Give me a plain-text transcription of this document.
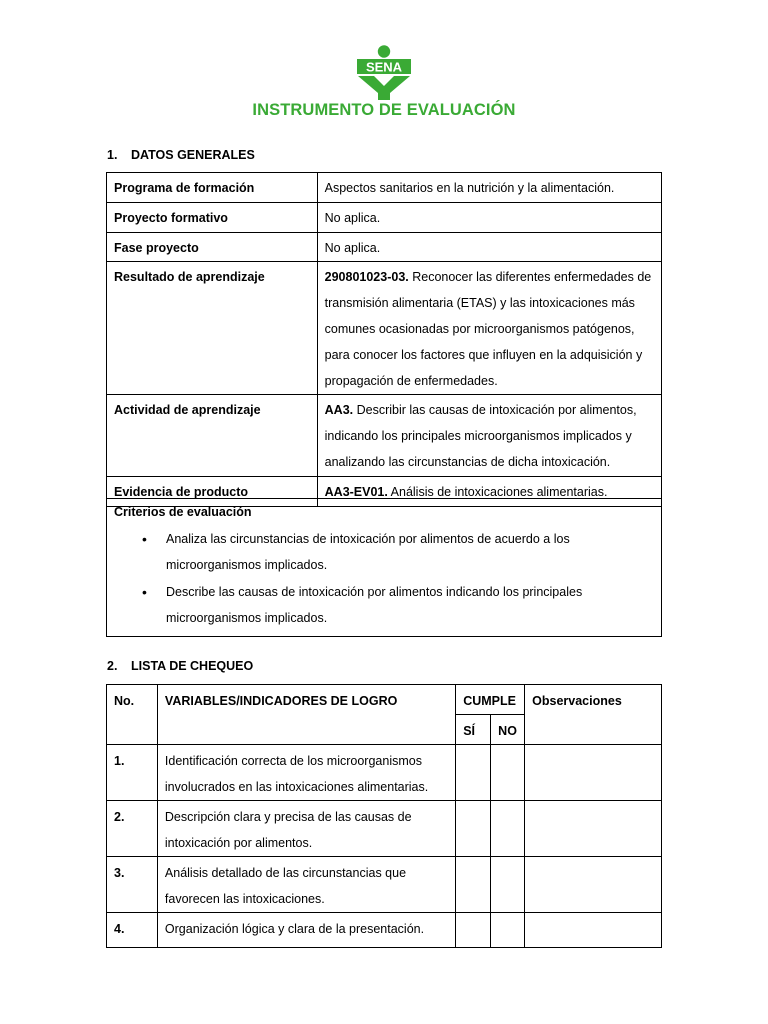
SENA
INSTRUMENTO DE EVALUACIÓN
1. DATOS GENERALES
Programa de formación	Aspectos sanitarios en la nutrición y la alimentación.
Proyecto formativo	No aplica.
Fase proyecto	No aplica.
Resultado de aprendizaje	290801023-03. Reconocer las diferentes enfermedades de transmisión alimentaria (ETAS) y las intoxicaciones más comunes ocasionadas por microorganismos patógenos, para conocer los factores que influyen en la adquisición y propagación de enfermedades.
Actividad de aprendizaje	AA3. Describir las causas de intoxicación por alimentos, indicando los principales microorganismos implicados y analizando las circunstancias de dicha intoxicación.
Evidencia de producto	AA3-EV01. Análisis de intoxicaciones alimentarias.
Criterios de evaluación
• Analiza las circunstancias de intoxicación por alimentos de acuerdo a los microorganismos implicados.
• Describe las causas de intoxicación por alimentos indicando los principales microorganismos implicados.
2. LISTA DE CHEQUEO
No.	VARIABLES/INDICADORES DE LOGRO	CUMPLE		Observaciones
		SÍ	NO	
1.	Identificación correcta de los microorganismos involucrados en las intoxicaciones alimentarias.			
2.	Descripción clara y precisa de las causas de intoxicación por alimentos.			
3.	Análisis detallado de las circunstancias que favorecen las intoxicaciones.			
4.	Organización lógica y clara de la presentación.			
